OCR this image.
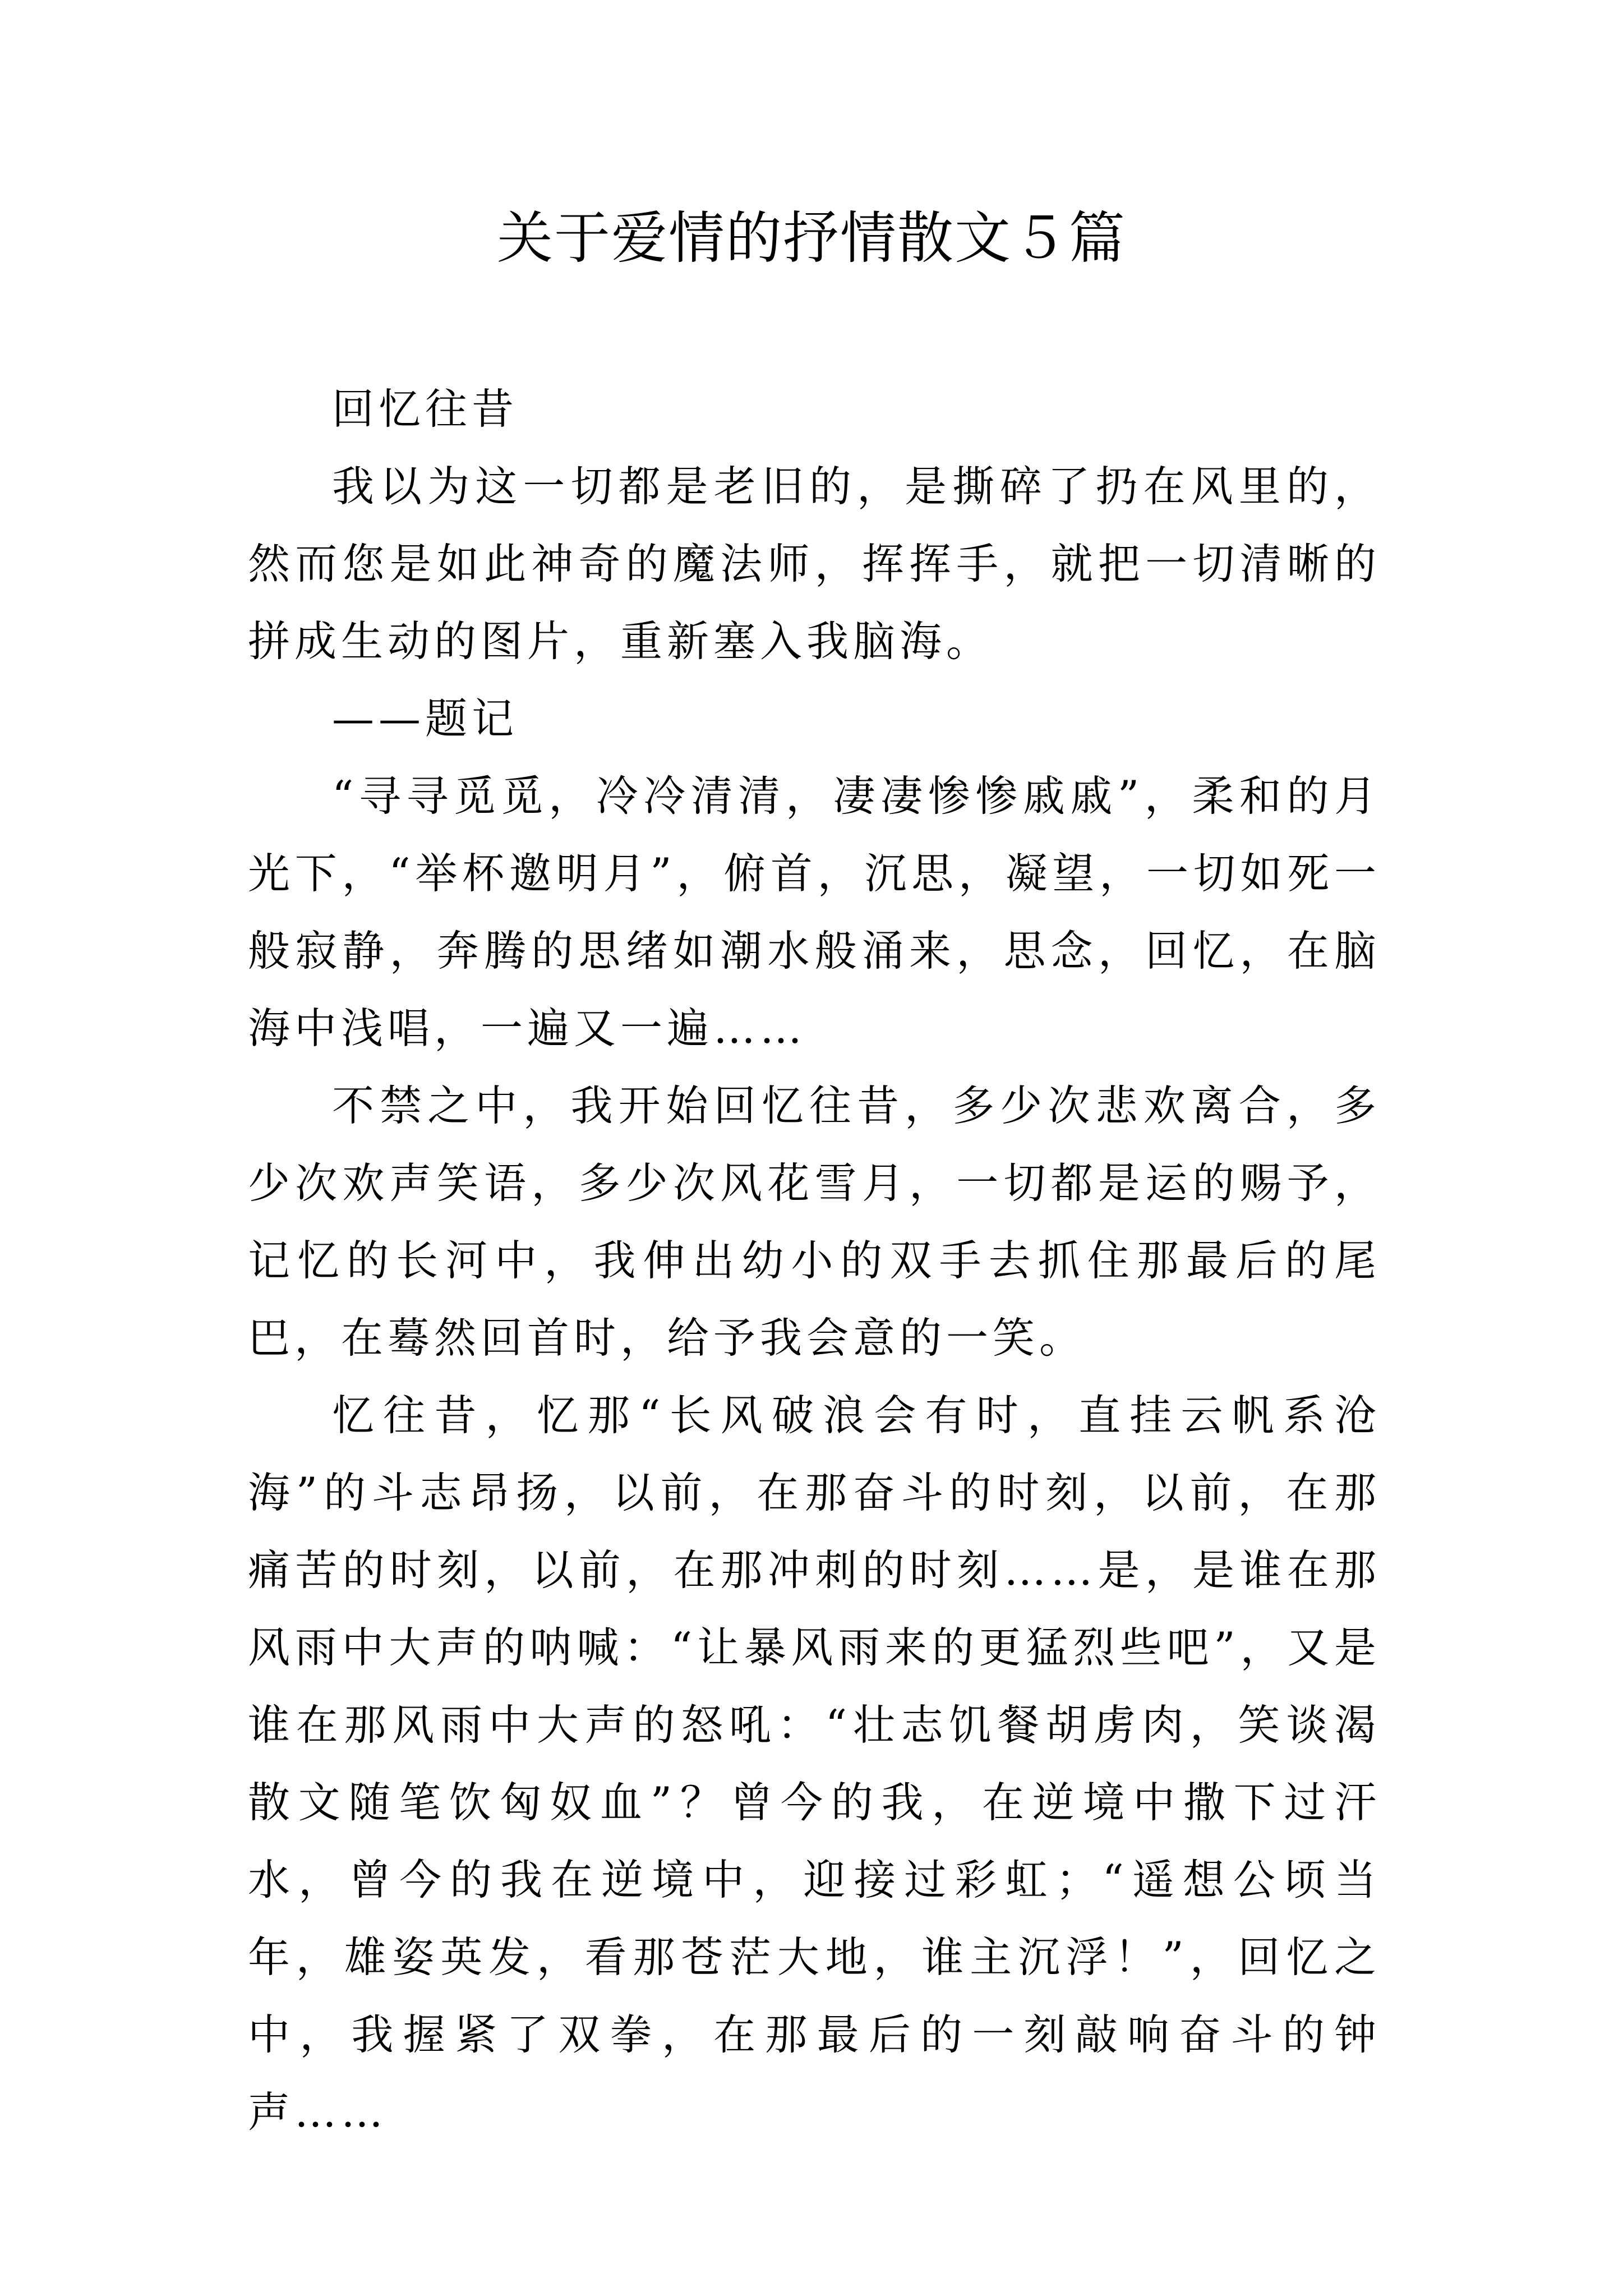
关于爱情的抒情散文５篇

回忆往昔

我以为这一切都是老旧的，是撕碎了扔在风里的，然而您是如此神奇的魔法师，挥挥手，就把一切清晰的拼成生动的图片，重新塞入我脑海。

——题记

“寻寻觅觅，冷冷清清，凄凄惨惨戚戚”，柔和的月光下，“举杯邀明月”，俯首，沉思，凝望，一切如死一般寂静，奔腾的思绪如潮水般涌来，思念，回忆，在脑海中浅唱，一遍又一遍……

不禁之中，我开始回忆往昔，多少次悲欢离合，多少次欢声笑语，多少次风花雪月，一切都是运的赐予，记忆的长河中，我伸出幼小的双手去抓住那最后的尾巴，在蓦然回首时，给予我会意的一笑。

忆往昔，忆那“长风破浪会有时，直挂云帆系沧海”的斗志昂扬，以前，在那奋斗的时刻，以前，在那痛苦的时刻，以前，在那冲刺的时刻……是，是谁在那风雨中大声的呐喊：“让暴风雨来的更猛烈些吧”，又是谁在那风雨中大声的怒吼：“壮志饥餐胡虏肉，笑谈渴散文随笔饮匈奴血”？曾今的我，在逆境中撒下过汗水，曾今的我在逆境中，迎接过彩虹；“遥想公顷当年，雄姿英发，看那苍茫大地，谁主沉浮！”，回忆之中，我握紧了双拳，在那最后的一刻敲响奋斗的钟声……
